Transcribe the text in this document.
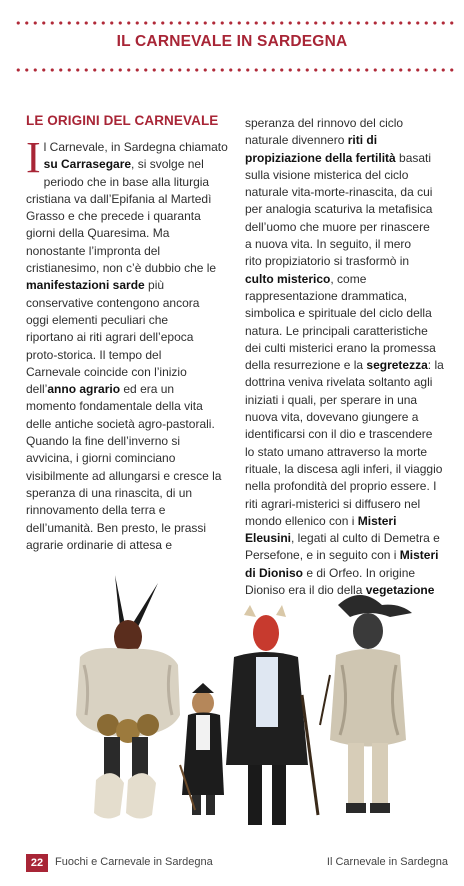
IL CARNEVALE IN SARDEGNA
LE ORIGINI DEL CARNEVALE
I l Carnevale, in Sardegna chiamato
su Carrasegare, si svolge nel
periodo che in base alla liturgia
cristiana va dall’Epifania al Martedì
Grasso e che precede i quaranta
giorni della Quaresima. Ma
nonostante l’impronta del
cristianesimo, non c’è dubbio che le
manifestazioni sarde più
conservative contengono ancora
oggi elementi peculiari che
riportano ai riti agrari dell’epoca
proto-storica. Il tempo del
Carnevale coincide con l’inizio
dell’anno agrario ed era un
momento fondamentale della vita
delle antiche società agro-pastorali.
Quando la fine dell’inverno si
avvicina, i giorni cominciano
visibilmente ad allungarsi e cresce la
speranza di una rinascita, di un
rinnovamento della terra e
dell’umanità. Ben presto, le prassi
agrarie ordinarie di attesa e
speranza del rinnovo del ciclo
naturale divennero riti di
propiziazione della fertilità basati
sulla visione misterica del ciclo
naturale vita-morte-rinascita, da cui
per analogia scaturiva la metafisica
dell’uomo che muore per rinascere
a nuova vita. In seguito, il mero
rito propiziatorio si trasformò in
culto misterico, come
rappresentazione drammatica,
simbolica e spirituale del ciclo della
natura. Le principali caratteristiche
dei culti misterici erano la promessa
della resurrezione e la segretezza: la
dottrina veniva rivelata soltanto agli
iniziati i quali, per sperare in una
nuova vita, dovevano giungere a
identificarsi con il dio e trascendere
lo stato umano attraverso la morte
rituale, la discesa agli inferi, il viaggio
nella profondità del proprio essere. I
riti agrari-misterici si diffusero nel
mondo ellenico con i Misteri
Eleusini, legati al culto di Demetra e
Persefone, e in seguito con i Misteri
di Dioniso e di Orfeo. In origine
Dioniso era il dio della vegetazione
22	Fuochi e Carnevale in Sardegna	Il Carnevale in Sardegna
